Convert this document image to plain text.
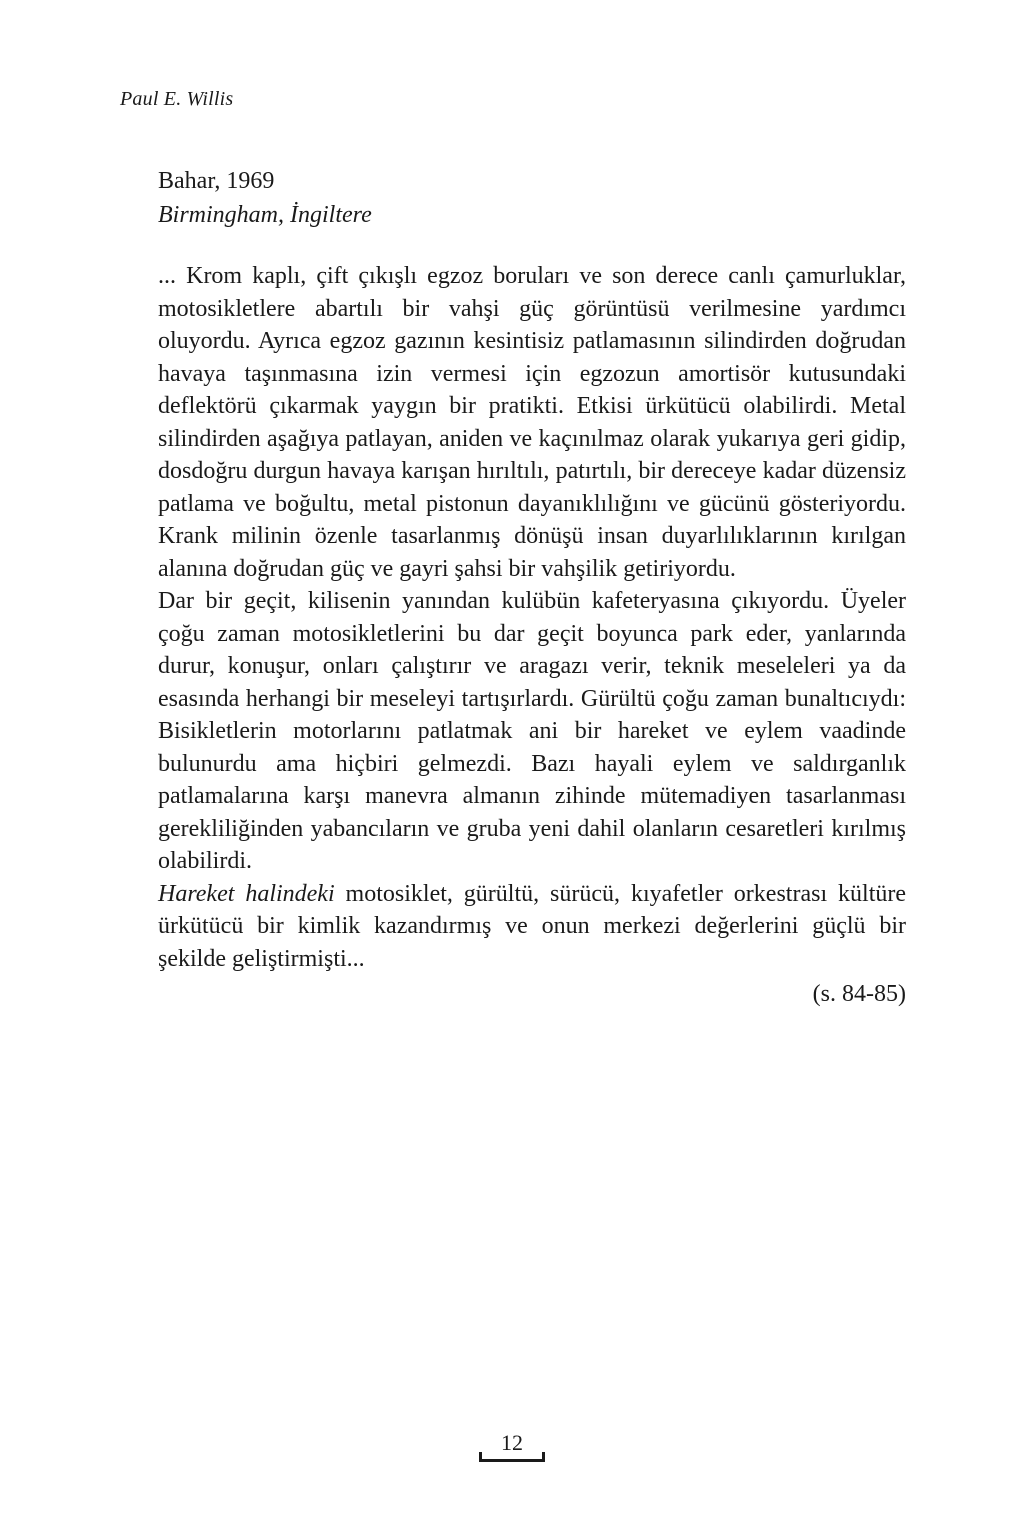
Paul E. Willis
Bahar, 1969
Birmingham, İngiltere

... Krom kaplı, çift çıkışlı egzoz boruları ve son derece canlı çamurluklar, motosikletlere abartılı bir vahşi güç görüntüsü verilmesine yardımcı oluyordu. Ayrıca egzoz gazının kesintisiz patlamasının silindirden doğrudan havaya taşınmasına izin vermesi için egzozun amortisör kutusundaki deflektörü çıkarmak yaygın bir pratikti. Etkisi ürkütücü olabilirdi. Metal silindirden aşağıya patlayan, aniden ve kaçınılmaz olarak yukarıya geri gidip, dosdoğru durgun havaya karışan hırıltılı, patırtılı, bir dereceye kadar düzensiz patlama ve boğultu, metal pistonun dayanıklılığını ve gücünü gösteriyordu. Krank milinin özenle tasarlanmış dönüşü insan duyarlılıklarının kırılgan alanına doğrudan güç ve gayri şahsi bir vahşilik getiriyordu.

Dar bir geçit, kilisenin yanından kulübün kafeteryasına çıkıyordu. Üyeler çoğu zaman motosikletlerini bu dar geçit boyunca park eder, yanlarında durur, konuşur, onları çalıştırır ve aragazı verir, teknik meseleleri ya da esasında herhangi bir meseleyi tartışırlardı. Gürültü çoğu zaman bunaltıcıydı: Bisikletlerin motorlarını patlatmak ani bir hareket ve eylem vaadinde bulunurdu ama hiçbiri gelmezdi. Bazı hayali eylem ve saldırganlık patlamalarına karşı manevra almanın zihinde mütemadiyen tasarlanması gerekliliğinden yabancıların ve gruba yeni dahil olanların cesaretleri kırılmış olabilirdi.

Hareket halindeki motosiklet, gürültü, sürücü, kıyafetler orkestrası kültüre ürkütücü bir kimlik kazandırmış ve onun merkezi değerlerini güçlü bir şekilde geliştirmişti...

(s. 84-85)
12
